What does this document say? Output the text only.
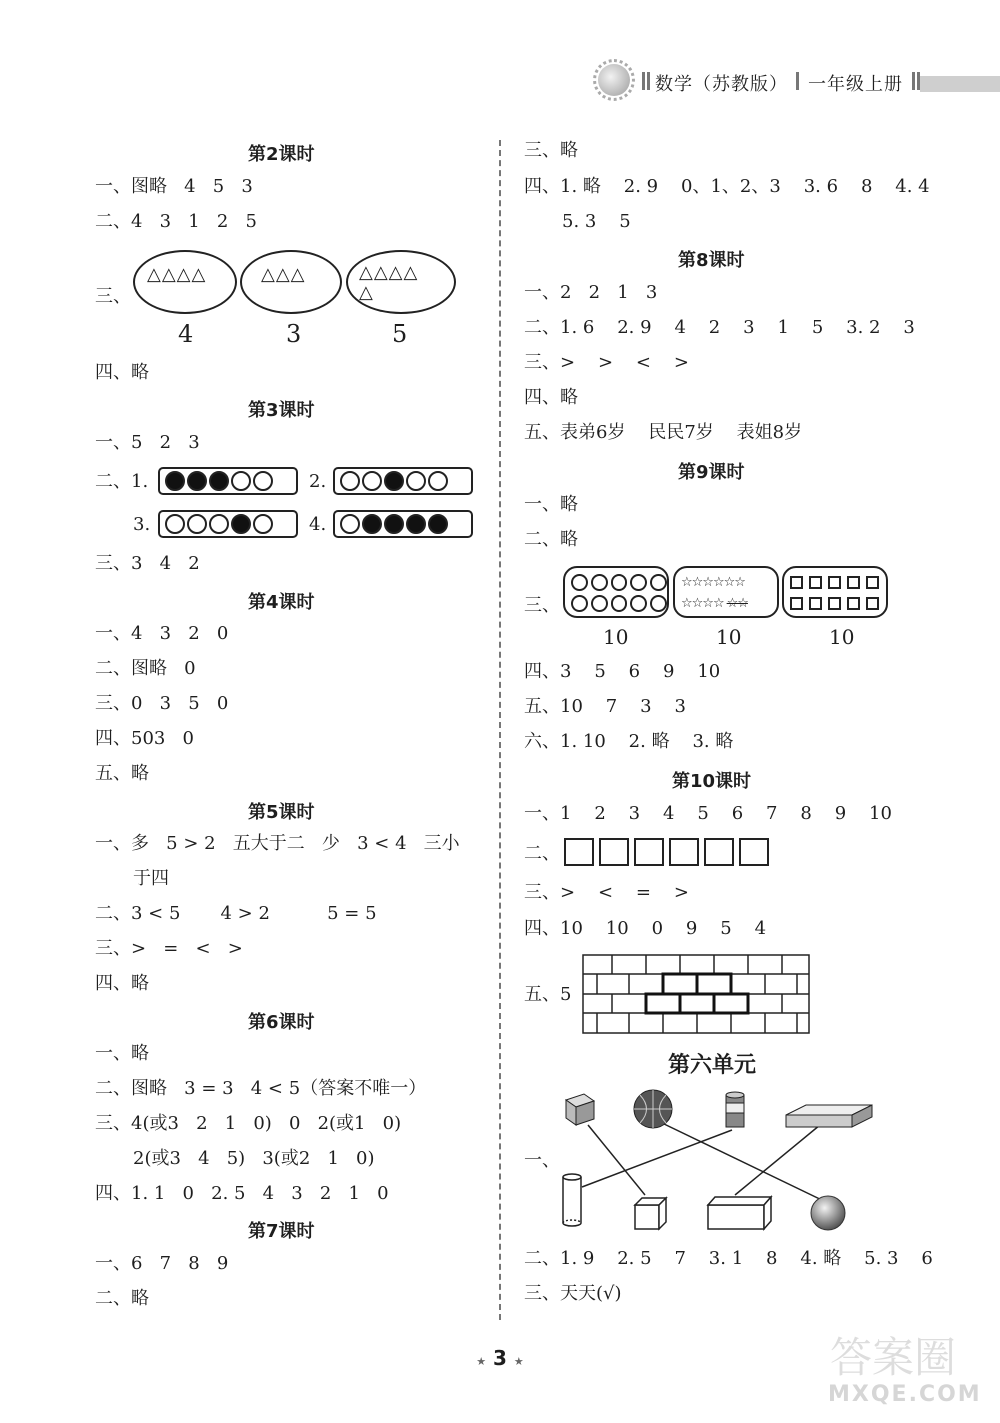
数学（苏教版） 一年级上册
第2课时
一、图略   4   5   3
二、4   3   1   2   5
三、
△△△△	△△△	△△△△
△
4	3	5
四、略
第3课时
一、5   2   3
二、1.	2.
3.	4.
三、3   4   2
第4课时
一、4   3   2   0
二、图略   0
三、0   3   5   0
四、503   0
五、略
第5课时
一、多   5 > 2   五大于二   少   3 < 4   三小
于四
二、3 < 5       4 > 2          5 = 5
三、>   =   <   >
四、略
第6课时
一、略
二、图略   3 = 3   4 < 5（答案不唯一）
三、4(或3   2   1   0)   0   2(或1   0)
2(或3   4   5)   3(或2   1   0)
四、1. 1   0   2. 5   4   3   2   1   0
第7课时
一、6   7   8   9
二、略
三、略
四、1. 略    2. 9    0、1、2、3    3. 6    8    4. 4
5. 3    5
第8课时
一、2   2   1   3
二、1. 6    2. 9    4    2    3    1    5    3. 2    3
三、>    >    <    >
四、略
五、表弟6岁    民民7岁    表姐8岁
第9课时
一、略
二、略
三、
☆☆☆☆☆☆
☆☆☆☆ ☆☆
10	10	10
四、3    5    6    9    10
五、10    7    3    3
六、1. 10    2. 略    3. 略
第10课时
一、1    2    3    4    5    6    7    8    9    10
二、
三、>    <    =    >
四、10    10    0    9    5    4
五、5
第六单元
一、
二、1. 9    2. 5    7    3. 1    8    4. 略    5. 3    6
三、天天(√)
★ 3 ★	答案圈
MXQE.COM
